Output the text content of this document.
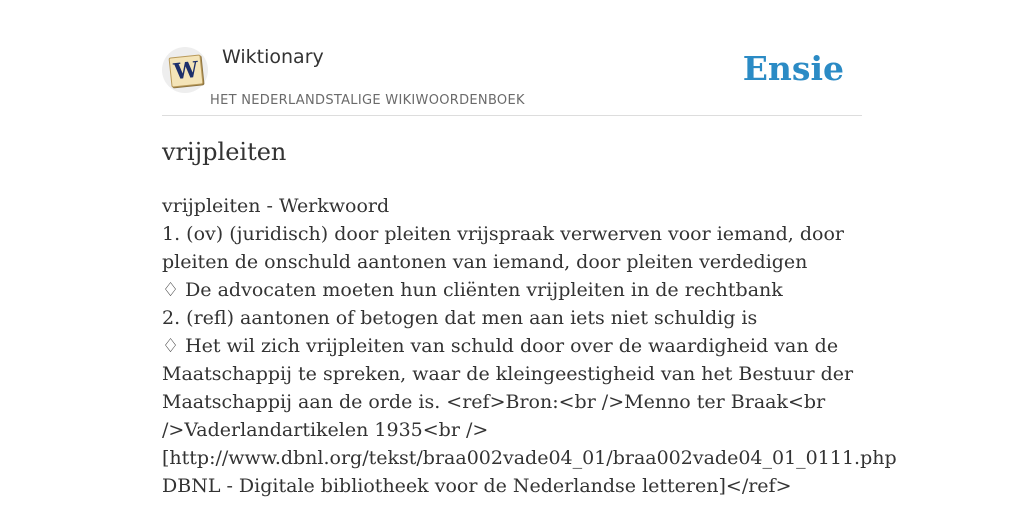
W Wiktionary
HET NEDERLANDSTALIGE WIKIWOORDENBOEK
Ensie
vrijpleiten
vrijpleiten - Werkwoord
1. (ov) (juridisch) door pleiten vrijspraak verwerven voor iemand, door pleiten de onschuld aantonen van iemand, door pleiten verdedigen
♢ De advocaten moeten hun cliënten vrijpleiten in de rechtbank
2. (refl) aantonen of betogen dat men aan iets niet schuldig is
♢ Het wil zich vrijpleiten van schuld door over de waardigheid van de Maatschappij te spreken, waar de kleingeestigheid van het Bestuur der Maatschappij aan de orde is. <ref>Bron:<br />Menno ter Braak<br />Vaderlandartikelen 1935<br />[http://www.dbnl.org/tekst/braa002vade04_01/braa002vade04_01_0111.php DBNL - Digitale bibliotheek voor de Nederlandse letteren]</ref>
